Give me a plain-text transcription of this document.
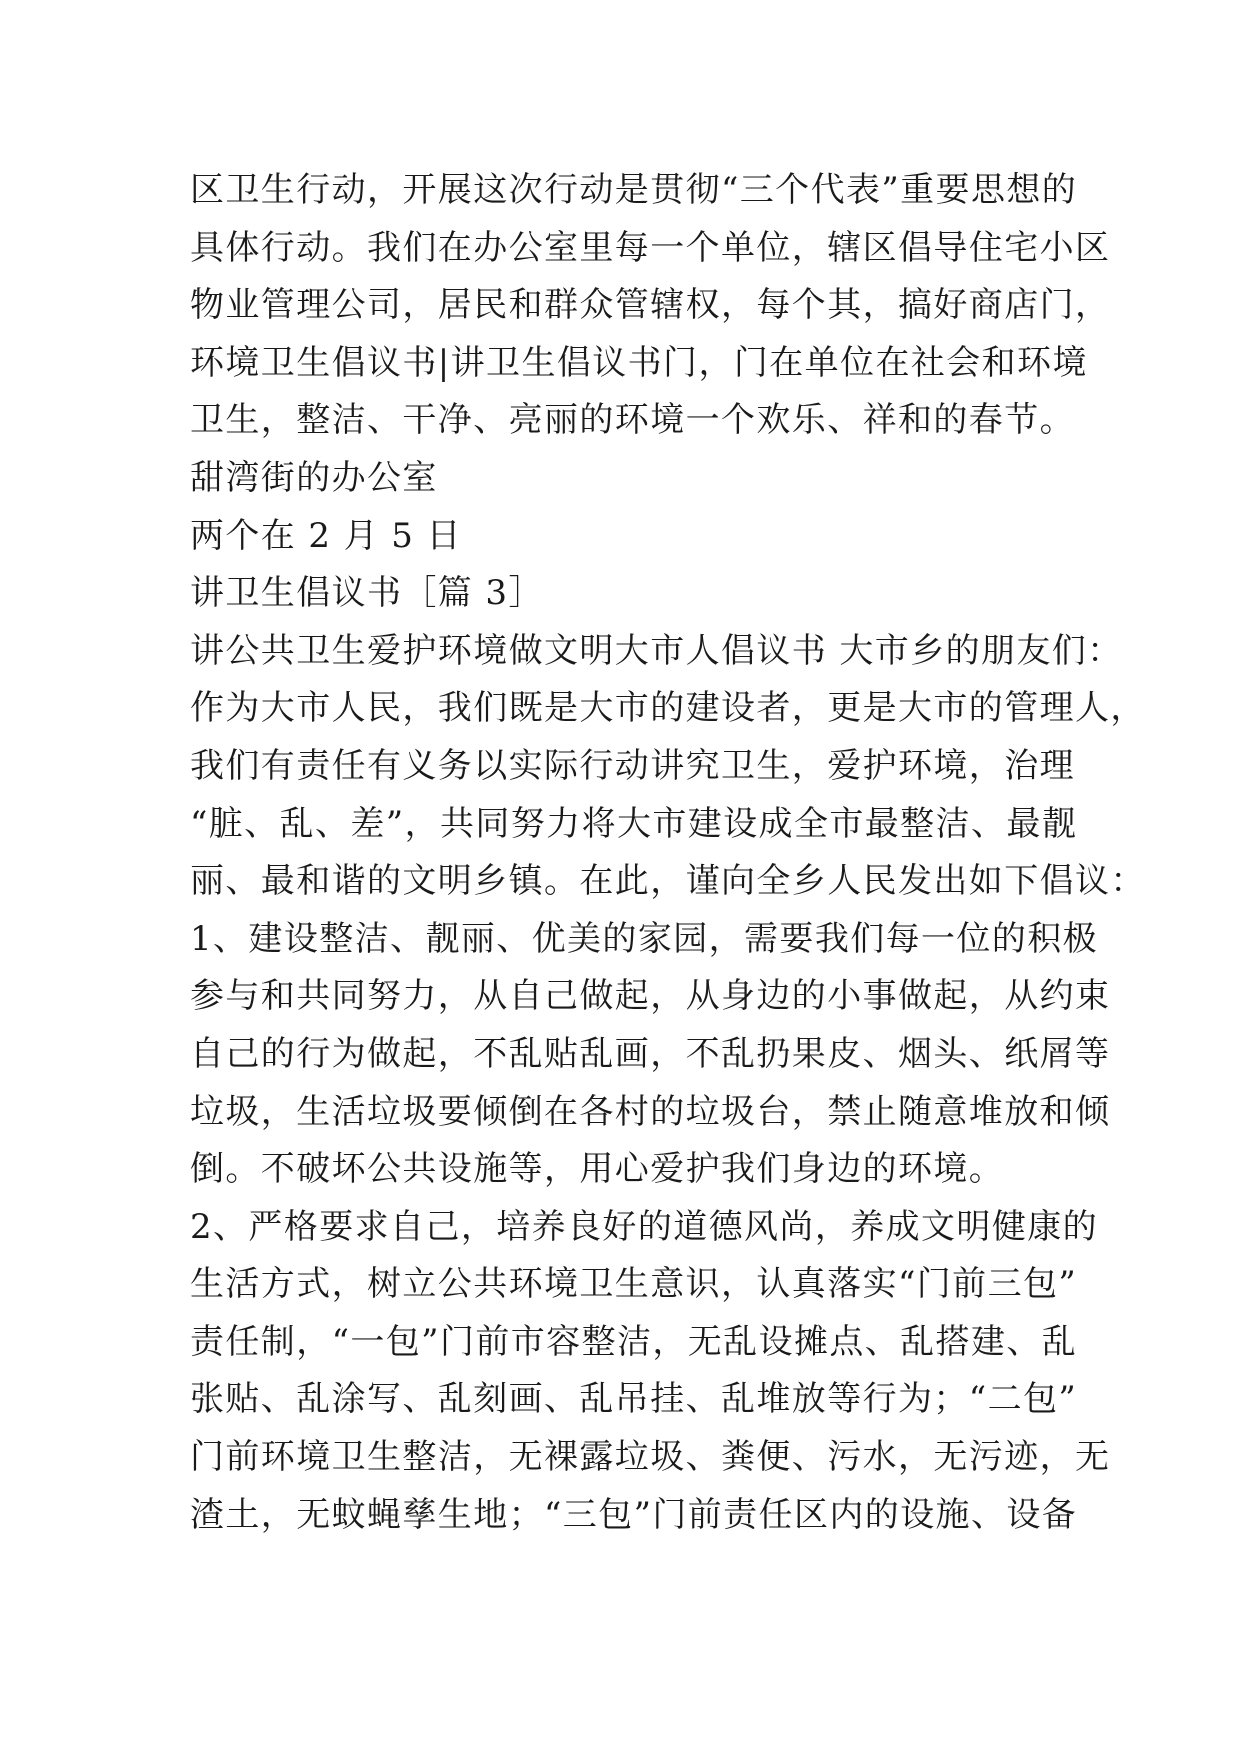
区卫生行动，开展这次行动是贯彻“三个代表”重要思想的
具体行动。我们在办公室里每一个单位，辖区倡导住宅小区
物业管理公司，居民和群众管辖权，每个其，搞好商店门，
环境卫生倡议书|讲卫生倡议书门，门在单位在社会和环境
卫生，整洁、干净、亮丽的环境一个欢乐、祥和的春节。
甜湾街的办公室
两个在 2 月 5 日
讲卫生倡议书［篇 3］
讲公共卫生爱护环境做文明大市人倡议书 大市乡的朋友们：
作为大市人民，我们既是大市的建设者，更是大市的管理人，
我们有责任有义务以实际行动讲究卫生，爱护环境，治理
“脏、乱、差”，共同努力将大市建设成全市最整洁、最靓
丽、最和谐的文明乡镇。在此，谨向全乡人民发出如下倡议：
1、建设整洁、靓丽、优美的家园，需要我们每一位的积极
参与和共同努力，从自己做起，从身边的小事做起，从约束
自己的行为做起，不乱贴乱画，不乱扔果皮、烟头、纸屑等
垃圾，生活垃圾要倾倒在各村的垃圾台，禁止随意堆放和倾
倒。不破坏公共设施等，用心爱护我们身边的环境。
2、严格要求自己，培养良好的道德风尚，养成文明健康的
生活方式，树立公共环境卫生意识，认真落实“门前三包”
责任制，“一包”门前市容整洁，无乱设摊点、乱搭建、乱
张贴、乱涂写、乱刻画、乱吊挂、乱堆放等行为；“二包”
门前环境卫生整洁，无裸露垃圾、粪便、污水，无污迹，无
渣土，无蚊蝇孳生地；“三包”门前责任区内的设施、设备
